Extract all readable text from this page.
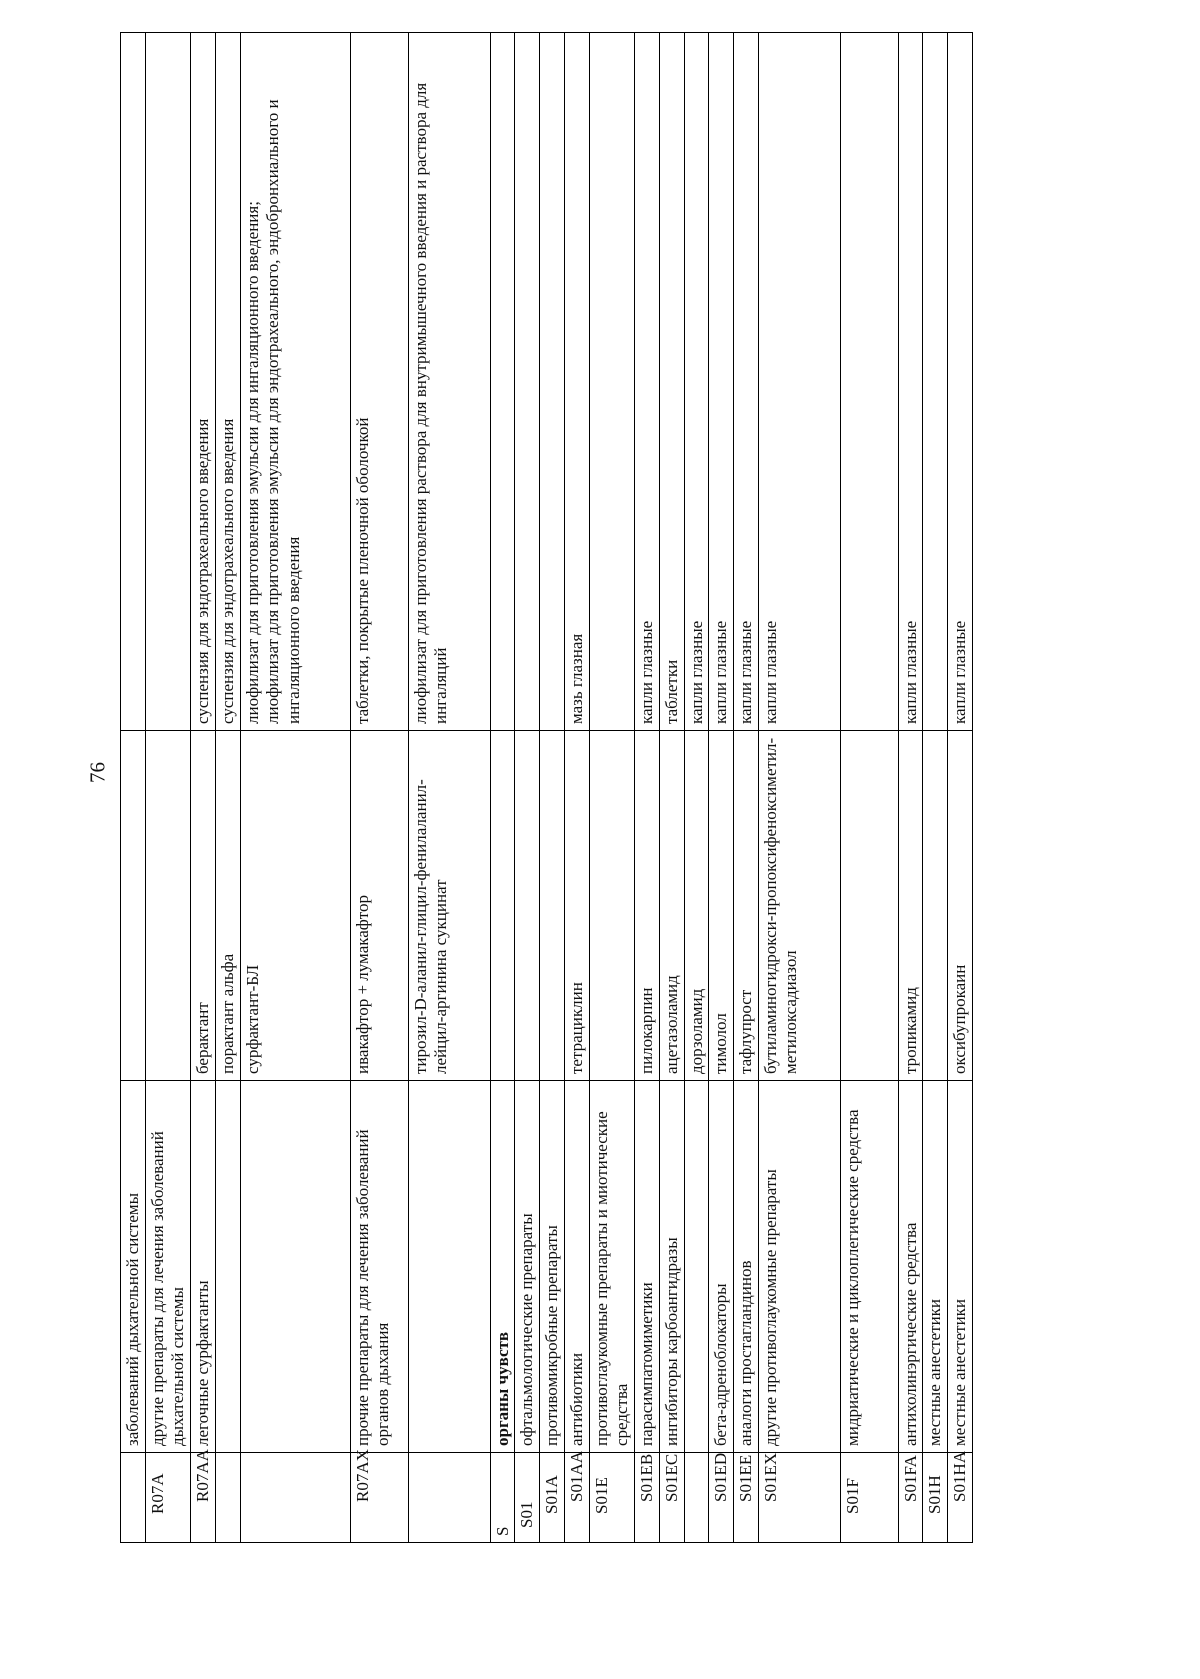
76
	заболеваний дыхательной системы		
R07A	другие препараты для лечения заболеваний дыхательной системы		
R07AA	легочные сурфактанты	берактант	суспензия для эндотрахеального введения

		порактант альфа	суспензия для эндотрахеального введения

		сурфактант-БЛ	лиофилизат для приготовления эмульсии для ингаляционного введения; лиофилизат для приготовления эмульсии для эндотрахеального, эндобронхиального и ингаляционного введения

R07AX	прочие препараты для лечения заболеваний органов дыхания	ивакафтор + лумакафтор	таблетки, покрытые пленочной оболочкой

		тирозил-D-аланил-глицил-фенилаланил-лейцил-аргинина сукцинат	лиофилизат для приготовления раствора для внутримышечного введения и раствора для ингаляций

S	органы чувств		
S01	офтальмологические препараты		
S01A	противомикробные препараты		
S01AA	антибиотики	тетрациклин	мазь глазная

S01E	противоглаукомные препараты и миотические средства		
S01EB	парасимпатомиметики	пилокарпин	капли глазные

S01EC	ингибиторы карбоангидразы	ацетазоламид	таблетки

		дорзоламид	капли глазные

S01ED	бета-адреноблокаторы	тимолол	капли глазные

S01EE	аналоги простагландинов	тафлупрост	капли глазные

S01EX	другие противоглаукомные препараты	бутиламиногидрокси-пропоксифеноксиметил-метилоксадиазол	капли глазные

S01F	мидриатические и циклоплегические средства		
S01FA	антихолинэргические средства	тропикамид	капли глазные

S01H	местные анестетики		
S01HA	местные анестетики	оксибупрокаин	капли глазные
